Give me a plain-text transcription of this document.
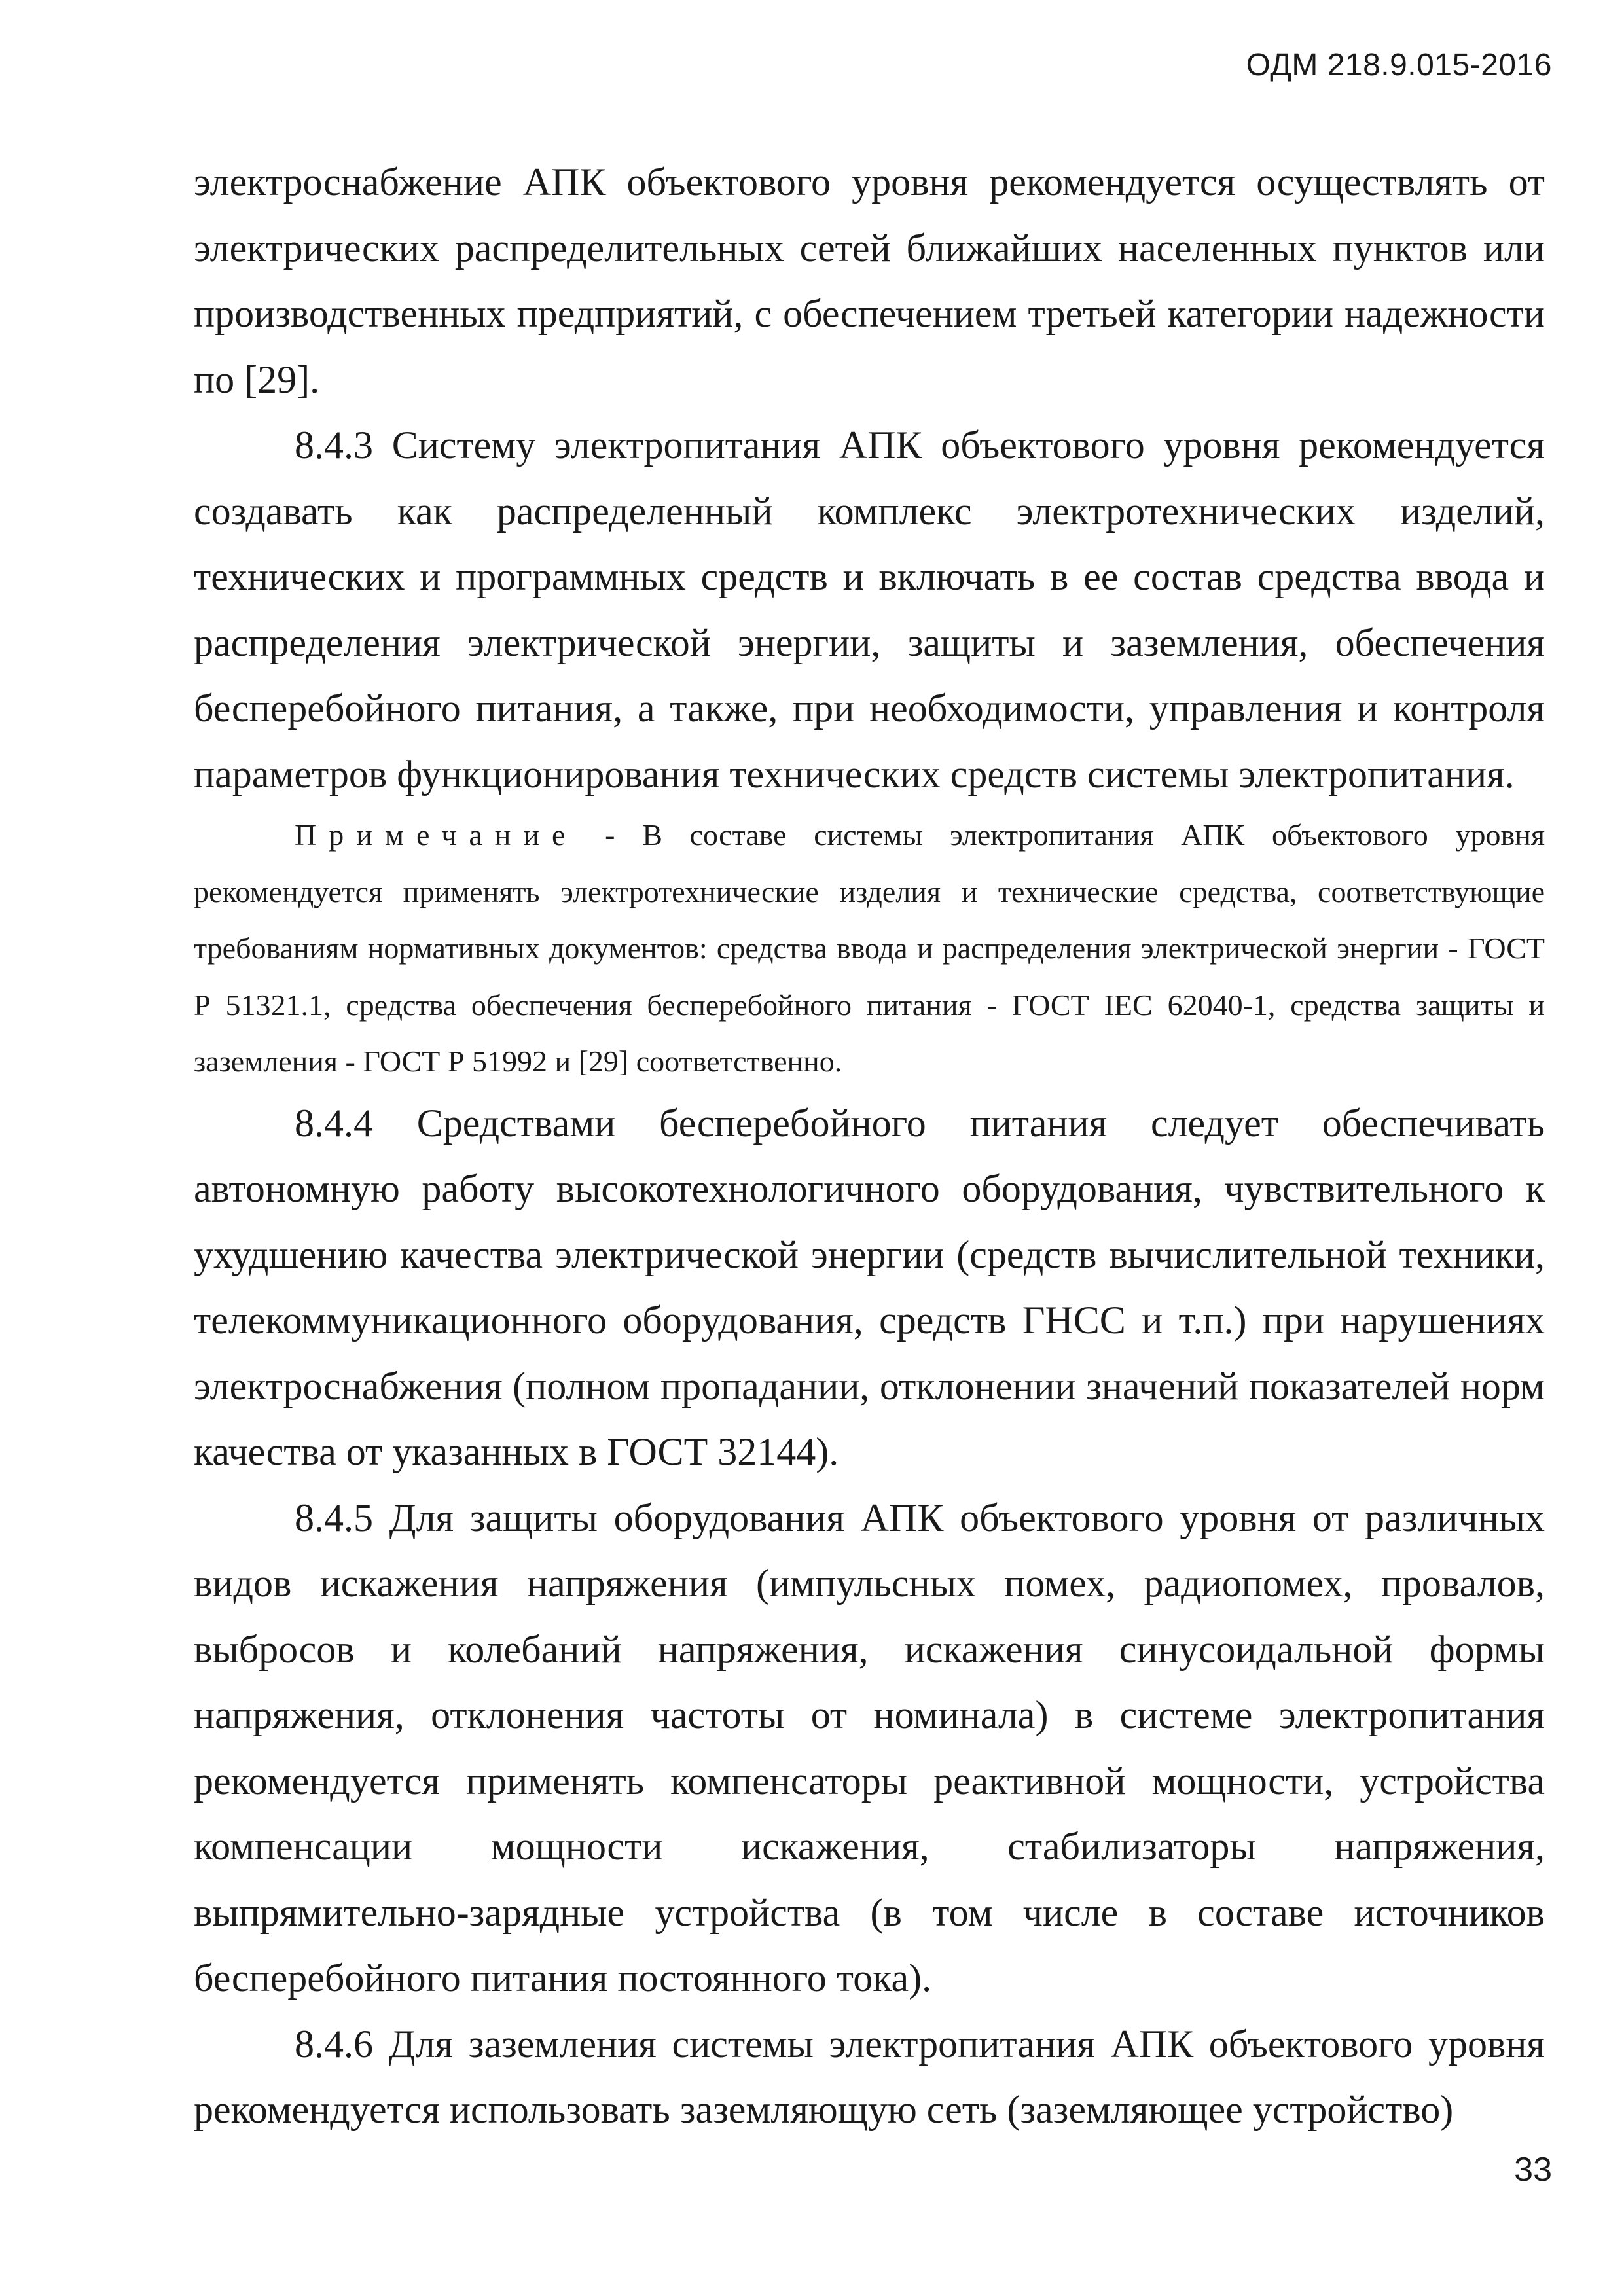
ОДМ 218.9.015-2016

электроснабжение АПК объектового уровня рекомендуется осуществлять от электрических распределительных сетей ближайших населенных пунктов или производственных предприятий, с обеспечением третьей категории надежности по [29].

8.4.3 Систему электропитания АПК объектового уровня рекомендуется создавать как распределенный комплекс электротехнических изделий, технических и программных средств и включать в ее состав средства ввода и распределения электрической энергии, защиты и заземления, обеспечения бесперебойного питания, а также, при необходимости, управления и контроля параметров функционирования технических средств системы электропитания.

Примечание - В составе системы электропитания АПК объектового уровня рекомендуется применять электротехнические изделия и технические средства, соответствующие требованиям нормативных документов: средства ввода и распределения электрической энергии - ГОСТ Р 51321.1, средства обеспечения бесперебойного питания - ГОСТ IEC 62040-1, средства защиты и заземления - ГОСТ Р 51992 и [29] соответственно.

8.4.4 Средствами бесперебойного питания следует обеспечивать автономную работу высокотехнологичного оборудования, чувствительного к ухудшению качества электрической энергии (средств вычислительной техники, телекоммуникационного оборудования, средств ГНСС и т.п.) при нарушениях электроснабжения (полном пропадании, отклонении значений показателей норм качества от указанных в ГОСТ 32144).

8.4.5 Для защиты оборудования АПК объектового уровня от различных видов искажения напряжения (импульсных помех, радиопомех, провалов, выбросов и колебаний напряжения, искажения синусоидальной формы напряжения, отклонения частоты от номинала) в системе электропитания рекомендуется применять компенсаторы реактивной мощности, устройства компенсации мощности искажения, стабилизаторы напряжения, выпрямительно-зарядные устройства (в том числе в составе источников бесперебойного питания постоянного тока).

8.4.6 Для заземления системы электропитания АПК объектового уровня рекомендуется использовать заземляющую сеть (заземляющее устройство)

33
